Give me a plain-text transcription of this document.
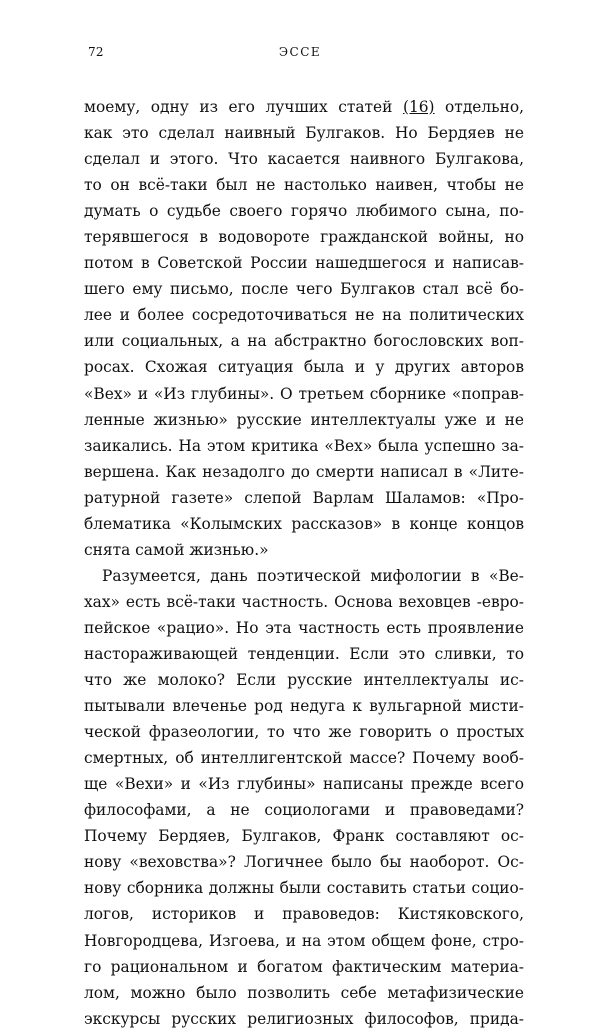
72	ЭССЕ
моему, одну из его лучших статей (16) отдельно,
как это сделал наивный Булгаков. Но Бердяев не
сделал и этого. Что касается наивного Булгакова,
то он всё-таки был не настолько наивен, чтобы не
думать о судьбе своего горячо любимого сына, по-
терявшегося в водовороте гражданской войны, но
потом в Советской России нашедшегося и написав-
шего ему письмо, после чего Булгаков стал всё бо-
лее и более сосредоточиваться не на политических
или социальных, а на абстрактно богословских воп-
росах. Схожая ситуация была и у других авторов
«Вех» и «Из глубины». О третьем сборнике «поправ-
ленные жизнью» русские интеллектуалы уже и не
заикались. На этом критика «Вех» была успешно за-
вершена. Как незадолго до смерти написал в «Лите-
ратурной газете» слепой Варлам Шаламов: «Про-
блематика «Колымских рассказов» в конце концов
снята самой жизнью.»
Разумеется, дань поэтической мифологии в «Ве-
хах» есть всё-таки частность. Основа веховцев -евро-
пейское «рацио». Но эта частность есть проявление
настораживающей тенденции. Если это сливки, то
что же молоко? Если русские интеллектуалы ис-
пытывали влеченье род недуга к вульгарной мисти-
ческой фразеологии, то что же говорить о простых
смертных, об интеллигентской массе? Почему вооб-
ще «Вехи» и «Из глубины» написаны прежде всего
философами, а не социологами и правоведами?
Почему Бердяев, Булгаков, Франк составляют ос-
нову «веховства»? Логичнее было бы наоборот. Ос-
нову сборника должны были составить статьи социо-
логов, историков и правоведов: Кистяковского,
Новгородцева, Изгоева, и на этом общем фоне, стро-
го рациональном и богатом фактическим материа-
лом, можно было позволить себе метафизические
экскурсы русских религиозных философов, прида-
